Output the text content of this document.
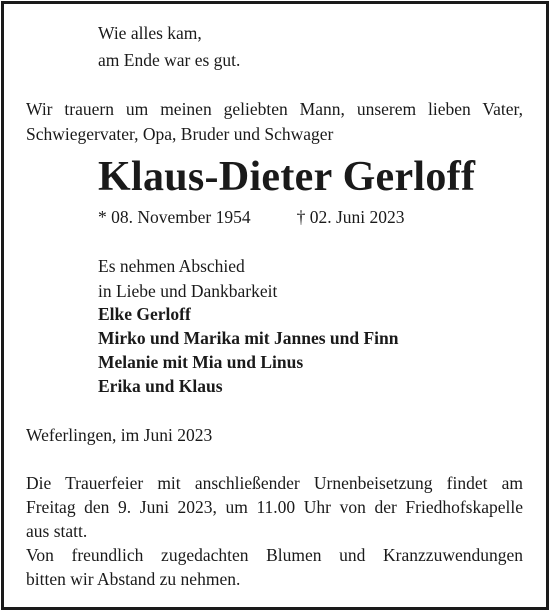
Wie alles kam,
am Ende war es gut.
Wir trauern um meinen geliebten Mann, unserem lieben Vater,
Schwiegervater, Opa, Bruder und Schwager
Klaus-Dieter Gerloff
* 08. November 1954	† 02. Juni 2023
Es nehmen Abschied
in Liebe und Dankbarkeit
Elke Gerloff
Mirko und Marika mit Jannes und Finn
Melanie mit Mia und Linus
Erika und Klaus
Weferlingen, im Juni 2023
Die Trauerfeier mit anschließender Urnenbeisetzung findet am
Freitag den 9. Juni 2023, um 11.00 Uhr von der Friedhofskapelle
aus statt.
Von freundlich zugedachten Blumen und Kranzzuwendungen
bitten wir Abstand zu nehmen.
